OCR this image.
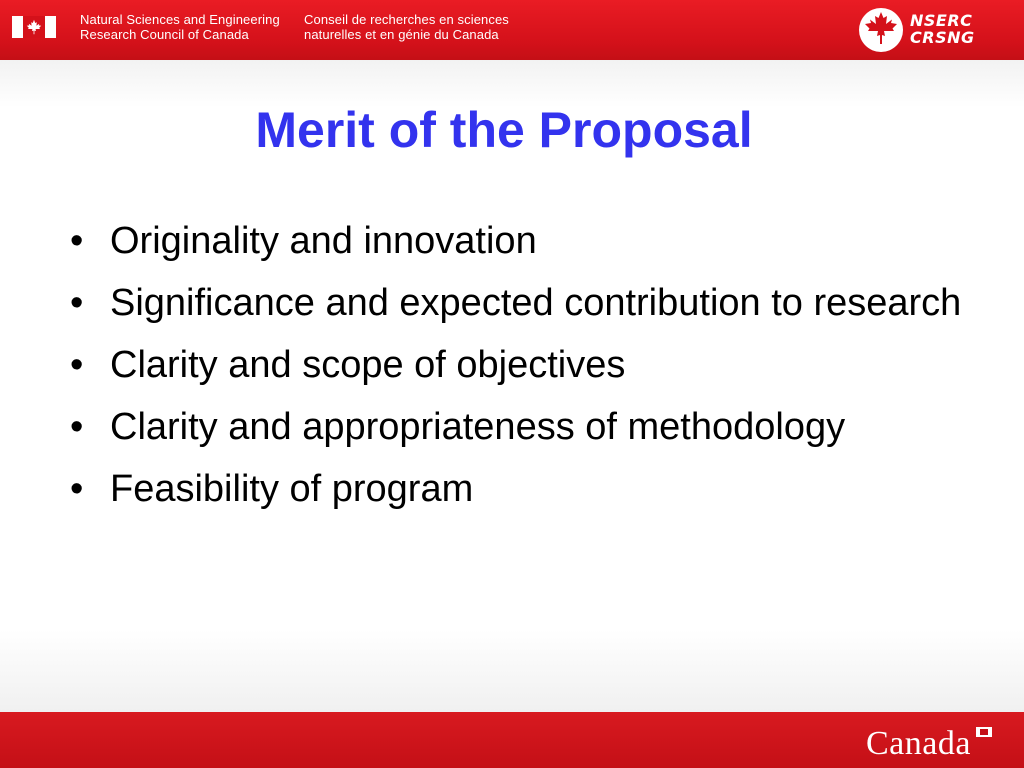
Natural Sciences and Engineering
Research Council of Canada
Conseil de recherches en sciences
naturelles et en génie du Canada
NSERC
CRSNG
Merit of the Proposal
• Originality and innovation
• Significance and expected contribution to research
• Clarity and scope of objectives
• Clarity and appropriateness of methodology
• Feasibility of program
Canada
